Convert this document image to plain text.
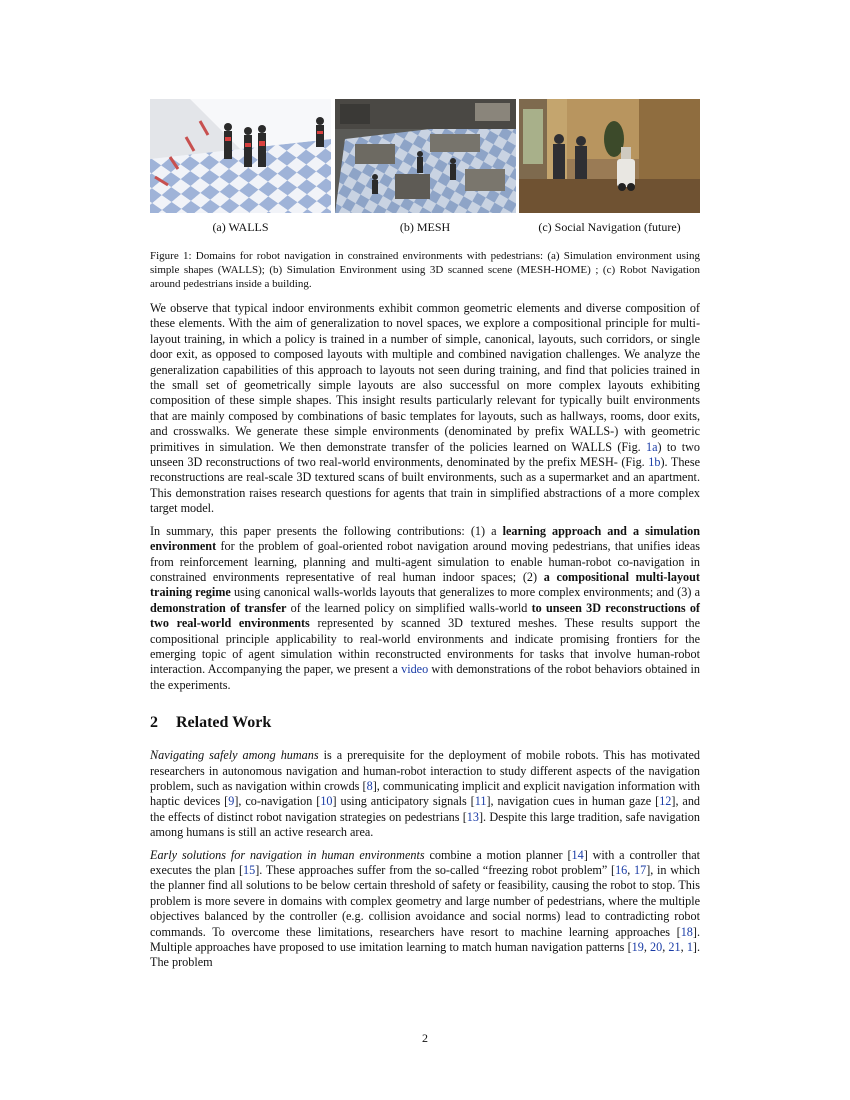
(a) WALLS	(b) MESH	(c) Social Navigation (future)
Figure 1: Domains for robot navigation in constrained environments with pedestrians: (a) Simulation environment using simple shapes (WALLS); (b) Simulation Environment using 3D scanned scene (MESH-HOME) ; (c) Robot Navigation around pedestrians inside a building.

We observe that typical indoor environments exhibit common geometric elements and diverse composition of these elements. With the aim of generalization to novel spaces, we explore a compositional principle for multi-layout training, in which a policy is trained in a number of simple, canonical, layouts, such corridors, or single door exit, as opposed to composed layouts with multiple and combined navigation challenges. We analyze the generalization capabilities of this approach to layouts not seen during training, and find that policies trained in the small set of geometrically simple layouts are also successful on more complex layouts exhibiting composition of these simple shapes. This insight results particularly relevant for typically built environments that are mainly composed by combinations of basic templates for layouts, such as hallways, rooms, door exits, and crosswalks. We generate these simple environments (denominated by prefix WALLS-) with geometric primitives in simulation. We then demonstrate transfer of the policies learned on WALLS (Fig. 1a) to two unseen 3D reconstructions of two real-world environments, denominated by the prefix MESH- (Fig. 1b). These reconstructions are real-scale 3D textured scans of built environments, such as a supermarket and an apartment. This demonstration raises research questions for agents that train in simplified abstractions of a more complex target model.

In summary, this paper presents the following contributions: (1) a learning approach and a simulation environment for the problem of goal-oriented robot navigation around moving pedestrians, that unifies ideas from reinforcement learning, planning and multi-agent simulation to enable human-robot co-navigation in constrained environments representative of real human indoor spaces; (2) a compositional multi-layout training regime using canonical walls-worlds layouts that generalizes to more complex environments; and (3) a demonstration of transfer of the learned policy on simplified walls-world to unseen 3D reconstructions of two real-world environments represented by scanned 3D textured meshes. These results support the compositional principle applicability to real-world environments and indicate promising frontiers for the emerging topic of agent simulation within reconstructed environments for tasks that involve human-robot interaction. Accompanying the paper, we present a video with demonstrations of the robot behaviors obtained in the experiments.

2 Related Work

Navigating safely among humans is a prerequisite for the deployment of mobile robots. This has motivated researchers in autonomous navigation and human-robot interaction to study different aspects of the navigation problem, such as navigation within crowds [8], communicating implicit and explicit navigation information with haptic devices [9], co-navigation [10] using anticipatory signals [11], navigation cues in human gaze [12], and the effects of distinct robot navigation strategies on pedestrians [13]. Despite this large tradition, safe navigation among humans is still an active research area.

Early solutions for navigation in human environments combine a motion planner [14] with a controller that executes the plan [15]. These approaches suffer from the so-called “freezing robot problem” [16, 17], in which the planner find all solutions to be below certain threshold of safety or feasibility, causing the robot to stop. This problem is more severe in domains with complex geometry and large number of pedestrians, where the multiple objectives balanced by the controller (e.g. collision avoidance and social norms) lead to contradicting robot commands. To overcome these limitations, researchers have resort to machine learning approaches [18]. Multiple approaches have proposed to use imitation learning to match human navigation patterns [19, 20, 21, 1]. The problem

2
